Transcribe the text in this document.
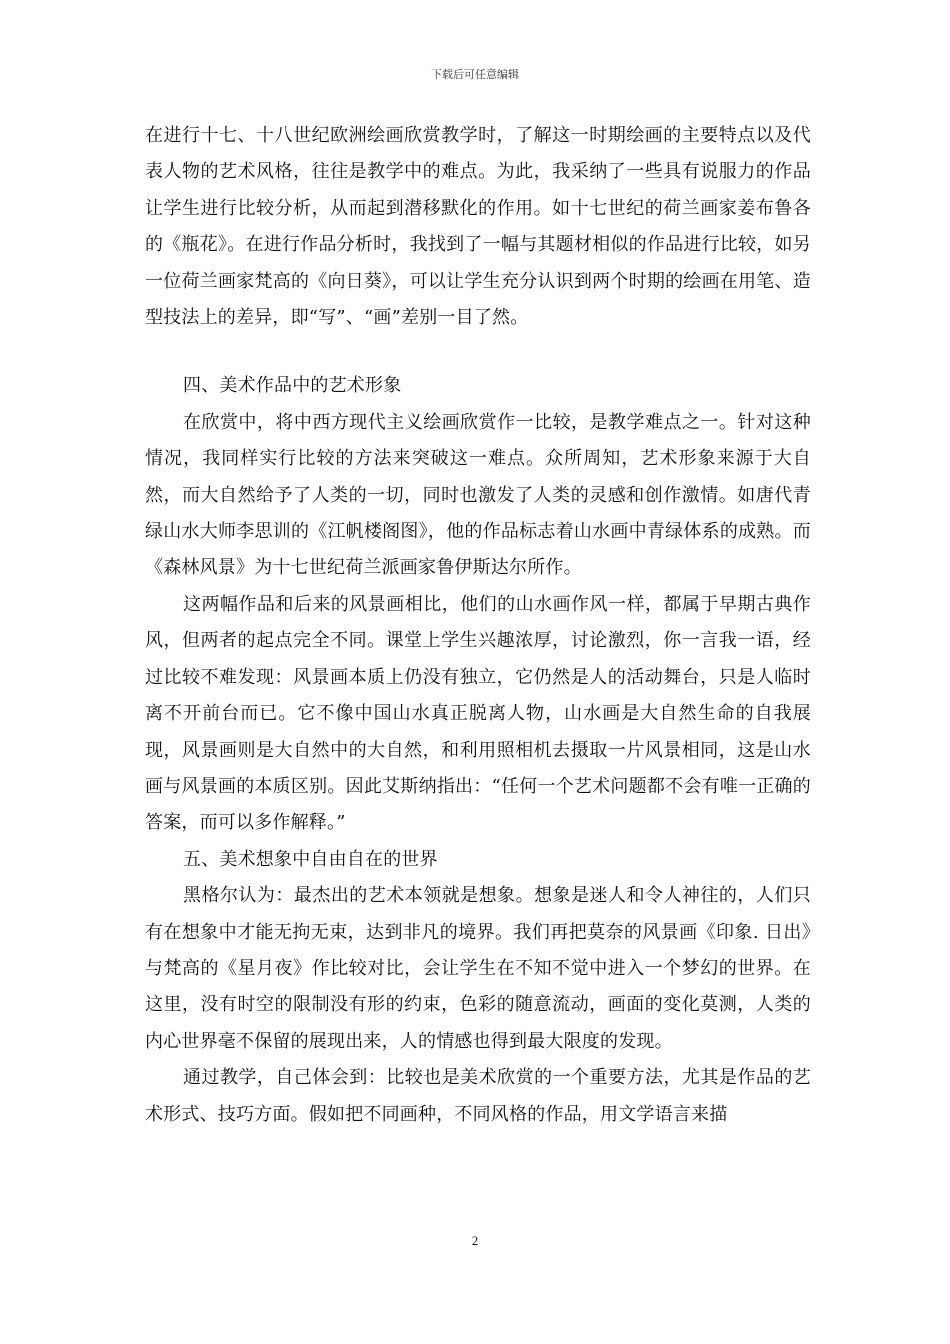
下载后可任意编辑

在进行十七、十八世纪欧洲绘画欣赏教学时，了解这一时期绘画的主要特点以及代表人物的艺术风格，往往是教学中的难点。为此，我采纳了一些具有说服力的作品让学生进行比较分析，从而起到潜移默化的作用。如十七世纪的荷兰画家姜布鲁各的《瓶花》。在进行作品分析时，我找到了一幅与其题材相似的作品进行比较，如另一位荷兰画家梵高的《向日葵》，可以让学生充分认识到两个时期的绘画在用笔、造型技法上的差异，即“写”、“画”差别一目了然。

四、美术作品中的艺术形象

在欣赏中，将中西方现代主义绘画欣赏作一比较，是教学难点之一。针对这种情况，我同样实行比较的方法来突破这一难点。众所周知，艺术形象来源于大自然，而大自然给予了人类的一切，同时也激发了人类的灵感和创作激情。如唐代青绿山水大师李思训的《江帆楼阁图》，他的作品标志着山水画中青绿体系的成熟。而《森林风景》为十七世纪荷兰派画家鲁伊斯达尔所作。

这两幅作品和后来的风景画相比，他们的山水画作风一样，都属于早期古典作风，但两者的起点完全不同。课堂上学生兴趣浓厚，讨论激烈，你一言我一语，经过比较不难发现：风景画本质上仍没有独立，它仍然是人的活动舞台，只是人临时离不开前台而已。它不像中国山水真正脱离人物，山水画是大自然生命的自我展现，风景画则是大自然中的大自然，和利用照相机去摄取一片风景相同，这是山水画与风景画的本质区别。因此艾斯纳指出：“任何一个艺术问题都不会有唯一正确的答案，而可以多作解释。”

五、美术想象中自由自在的世界

黑格尔认为：最杰出的艺术本领就是想象。想象是迷人和令人神往的，人们只有在想象中才能无拘无束，达到非凡的境界。我们再把莫奈的风景画《印象. 日出》与梵高的《星月夜》作比较对比，会让学生在不知不觉中进入一个梦幻的世界。在这里，没有时空的限制没有形的约束，色彩的随意流动，画面的变化莫测，人类的内心世界毫不保留的展现出来，人的情感也得到最大限度的发现。

通过教学，自己体会到：比较也是美术欣赏的一个重要方法，尤其是作品的艺术形式、技巧方面。假如把不同画种，不同风格的作品，用文学语言来描

2
